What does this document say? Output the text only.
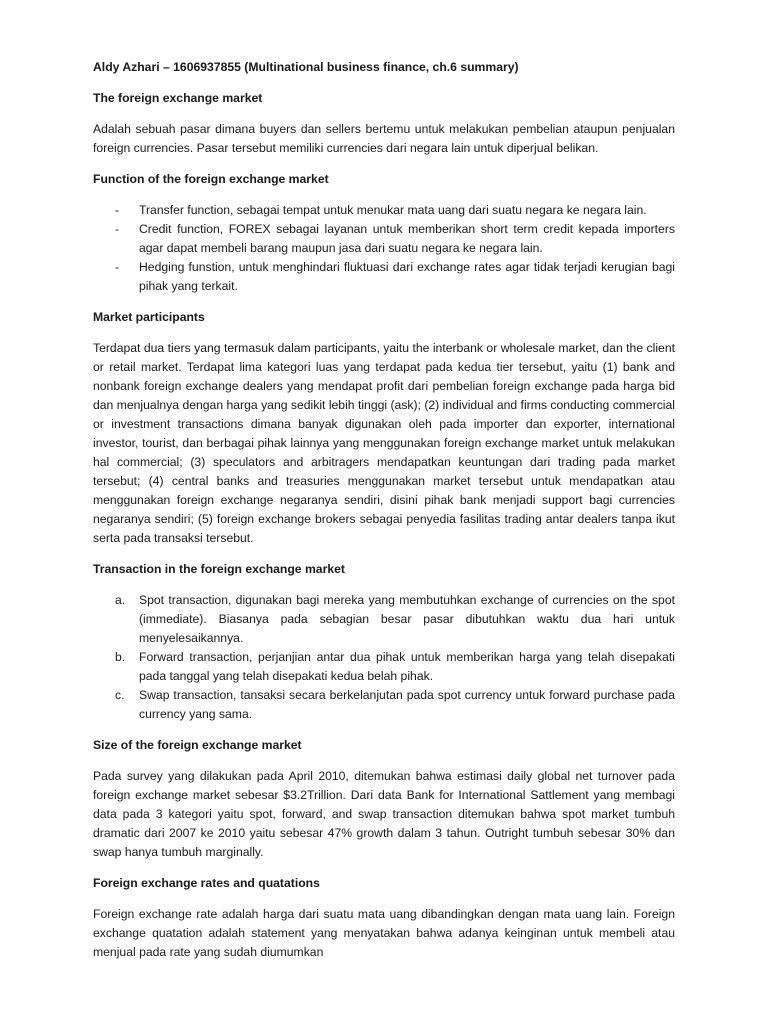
Aldy Azhari – 1606937855 (Multinational business finance, ch.6 summary)
The foreign exchange market

Adalah sebuah pasar dimana buyers dan sellers bertemu untuk melakukan pembelian ataupun penjualan foreign currencies. Pasar tersebut memiliki currencies dari negara lain untuk diperjual belikan.

Function of the foreign exchange market
- Transfer function, sebagai tempat untuk menukar mata uang dari suatu negara ke negara lain.
- Credit function, FOREX sebagai layanan untuk memberikan short term credit kepada importers agar dapat membeli barang maupun jasa dari suatu negara ke negara lain.
- Hedging funstion, untuk menghindari fluktuasi dari exchange rates agar tidak terjadi kerugian bagi pihak yang terkait.
Market participants

Terdapat dua tiers yang termasuk dalam participants, yaitu the interbank or wholesale market, dan the client or retail market. Terdapat lima kategori luas yang terdapat pada kedua tier tersebut, yaitu (1) bank and nonbank foreign exchange dealers yang mendapat profit dari pembelian foreign exchange pada harga bid dan menjualnya dengan harga yang sedikit lebih tinggi (ask); (2) individual and firms conducting commercial or investment transactions dimana banyak digunakan oleh pada importer dan exporter, international investor, tourist, dan berbagai pihak lainnya yang menggunakan foreign exchange market untuk melakukan hal commercial; (3) speculators and arbitragers mendapatkan keuntungan dari trading pada market tersebut; (4) central banks and treasuries menggunakan market tersebut untuk mendapatkan atau menggunakan foreign exchange negaranya sendiri, disini pihak bank menjadi support bagi currencies negaranya sendiri; (5) foreign exchange brokers sebagai penyedia fasilitas trading antar dealers tanpa ikut serta pada transaksi tersebut.

Transaction in the foreign exchange market
a. Spot transaction, digunakan bagi mereka yang membutuhkan exchange of currencies on the spot (immediate). Biasanya pada sebagian besar pasar dibutuhkan waktu dua hari untuk menyelesaikannya.
b. Forward transaction, perjanjian antar dua pihak untuk memberikan harga yang telah disepakati pada tanggal yang telah disepakati kedua belah pihak.
c. Swap transaction, tansaksi secara berkelanjutan pada spot currency untuk forward purchase pada currency yang sama.
Size of the foreign exchange market

Pada survey yang dilakukan pada April 2010, ditemukan bahwa estimasi daily global net turnover pada foreign exchange market sebesar $3.2Trillion. Dari data Bank for International Sattlement yang membagi data pada 3 kategori yaitu spot, forward, and swap transaction ditemukan bahwa spot market tumbuh dramatic dari 2007 ke 2010 yaitu sebesar 47% growth dalam 3 tahun. Outright tumbuh sebesar 30% dan swap hanya tumbuh marginally.

Foreign exchange rates and quatations

Foreign exchange rate adalah harga dari suatu mata uang dibandingkan dengan mata uang lain. Foreign exchange quatation adalah statement yang menyatakan bahwa adanya keinginan untuk membeli atau menjual pada rate yang sudah diumumkan
